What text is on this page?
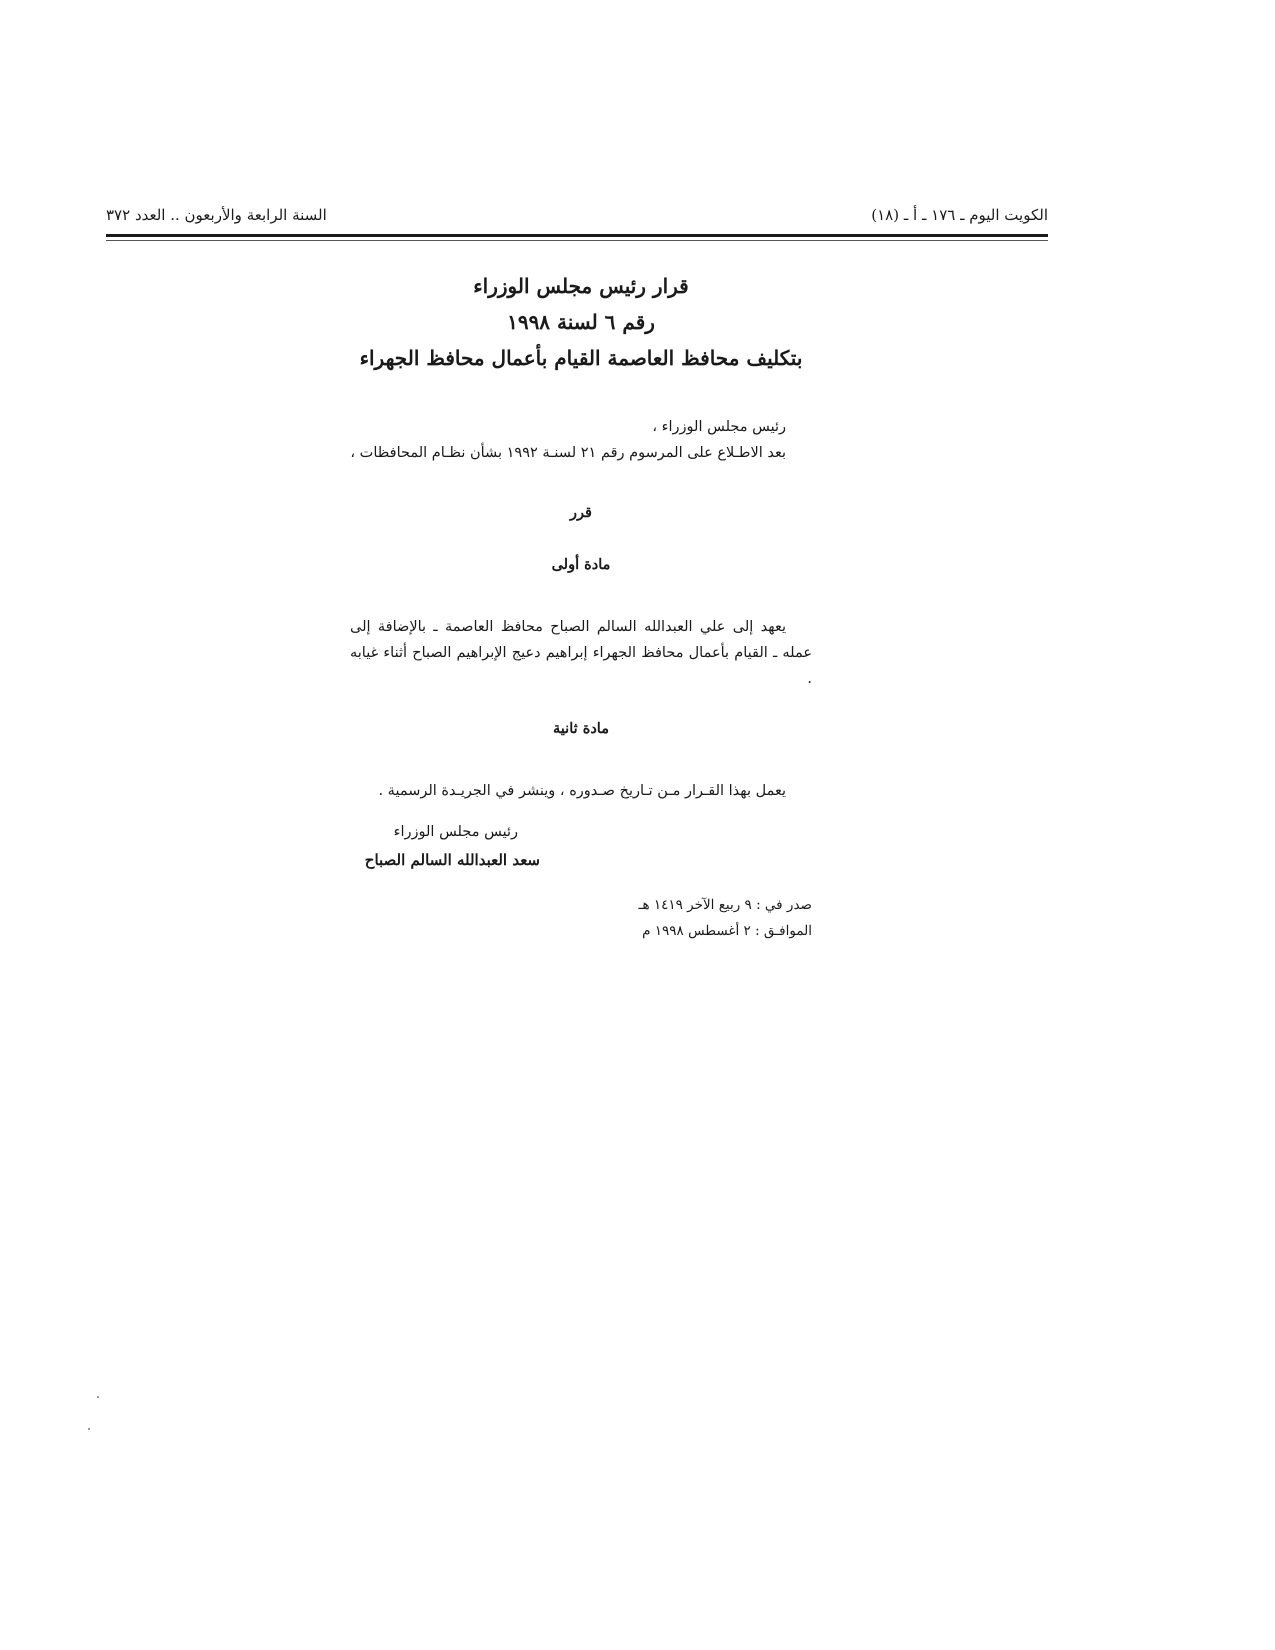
الكويت اليوم ـ ١٧٦ ـ أ ـ (١٨)
السنة الرابعة والأربعون .. العدد ٣٧٢
قرار رئيس مجلس الوزراء
رقم ٦ لسنة ١٩٩٨
بتكليف محافظ العاصمة القيام بأعمال محافظ الجهراء

رئيس مجلس الوزراء ،

بعد الاطـلاع على المرسوم رقم ٢١ لسنـة ١٩٩٢ بشأن نظـام المحافظات ،

قرر
مادة أولى

يعهد إلى علي العبدالله السالم الصباح محافظ العاصمة ـ بالإضافة إلى عمله ـ القيام بأعمال محافظ الجهراء إبراهيم دعيج الإبراهيم الصباح أثناء غيابه .

مادة ثانية

يعمل بهذا القـرار مـن تـاريخ صـدوره ، وينشر في الجريـدة الرسمية .

رئيس مجلس الوزراء
سعد العبدالله السالم الصباح
صدر في : ٩ ربيع الآخر ١٤١٩ هـ
الموافـق : ٢ أغسطس ١٩٩٨ م
